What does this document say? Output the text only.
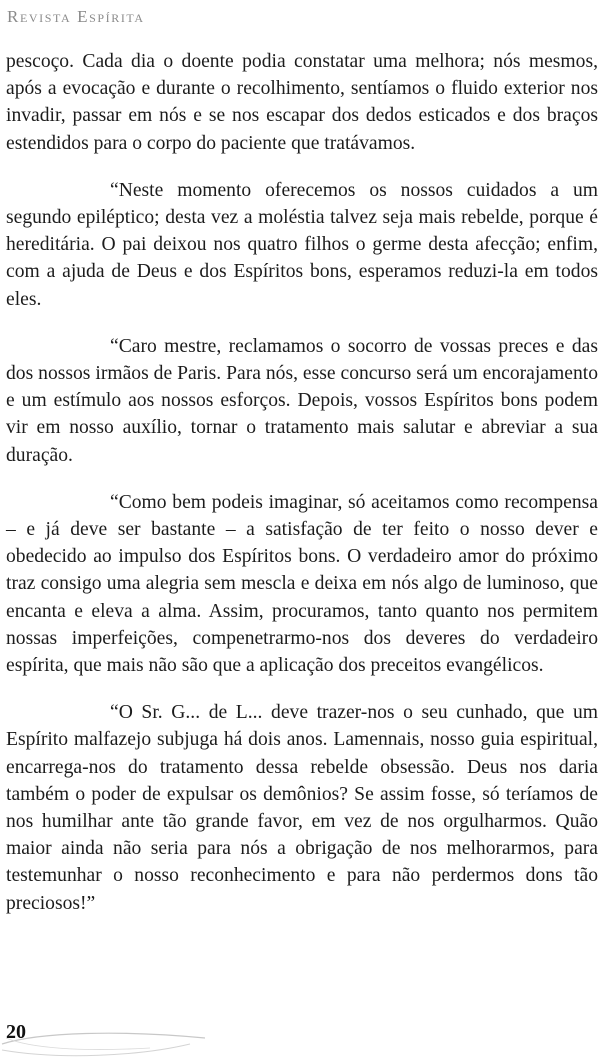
Revista Espírita

pescoço. Cada dia o doente podia constatar uma melhora; nós mesmos, após a evocação e durante o recolhimento, sentíamos o fluido exterior nos invadir, passar em nós e se nos escapar dos dedos esticados e dos braços estendidos para o corpo do paciente que tratávamos.

“Neste momento oferecemos os nossos cuidados a um segundo epiléptico; desta vez a moléstia talvez seja mais rebelde, porque é hereditária. O pai deixou nos quatro filhos o germe desta afecção; enfim, com a ajuda de Deus e dos Espíritos bons, esperamos reduzi-la em todos eles.

“Caro mestre, reclamamos o socorro de vossas preces e das dos nossos irmãos de Paris. Para nós, esse concurso será um encorajamento e um estímulo aos nossos esforços. Depois, vossos Espíritos bons podem vir em nosso auxílio, tornar o tratamento mais salutar e abreviar a sua duração.

“Como bem podeis imaginar, só aceitamos como recompensa – e já deve ser bastante – a satisfação de ter feito o nosso dever e obedecido ao impulso dos Espíritos bons. O verdadeiro amor do próximo traz consigo uma alegria sem mescla e deixa em nós algo de luminoso, que encanta e eleva a alma. Assim, procuramos, tanto quanto nos permitem nossas imperfeições, compenetrarmo-nos dos deveres do verdadeiro espírita, que mais não são que a aplicação dos preceitos evangélicos.

“O Sr. G... de L... deve trazer-nos o seu cunhado, que um Espírito malfazejo subjuga há dois anos. Lamennais, nosso guia espiritual, encarrega-nos do tratamento dessa rebelde obsessão. Deus nos daria também o poder de expulsar os demônios? Se assim fosse, só teríamos de nos humilhar ante tão grande favor, em vez de nos orgulharmos. Quão maior ainda não seria para nós a obrigação de nos melhorarmos, para testemunhar o nosso reconhecimento e para não perdermos dons tão preciosos!”

20
